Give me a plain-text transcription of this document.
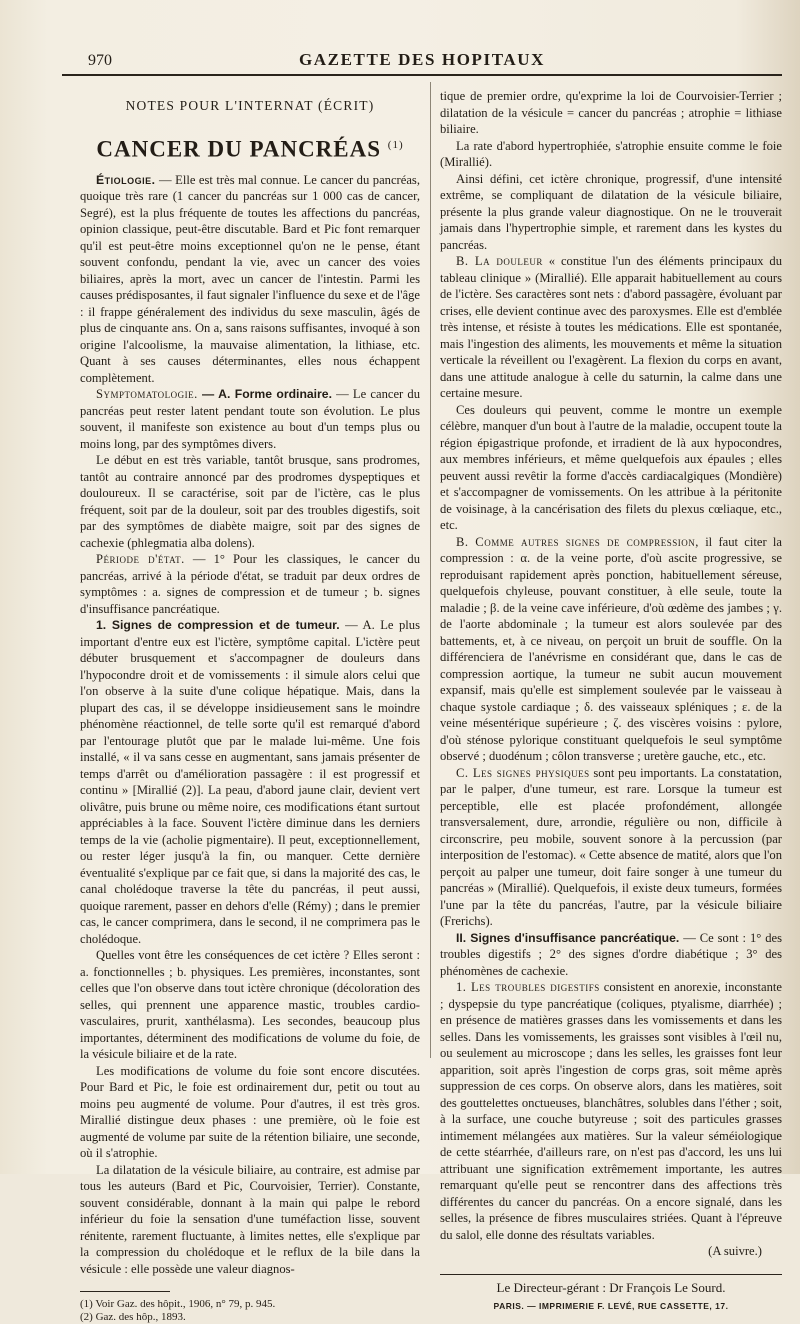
970	GAZETTE DES HOPITAUX
NOTES POUR L'INTERNAT (ÉCRIT)
CANCER DU PANCRÉAS $^{(1)}$

Étiologie. — Elle est très mal connue. Le cancer du pancréas, quoique très rare (1 cancer du pancréas sur 1 000 cas de cancer, Segré), est la plus fréquente de toutes les affections du pancréas, opinion classique, peut-être discutable. Bard et Pic font remarquer qu'il est peut-être moins exceptionnel qu'on ne le pense, étant souvent confondu, pendant la vie, avec un cancer des voies biliaires, après la mort, avec un cancer de l'intestin. Parmi les causes prédisposantes, il faut signaler l'influence du sexe et de l'âge : il frappe généralement des individus du sexe masculin, âgés de plus de cinquante ans. On a, sans raisons suffisantes, invoqué à son origine l'alcoolisme, la mauvaise alimentation, la lithiase, etc. Quant à ses causes déterminantes, elles nous échappent complètement.

Symptomatologie. — A. Forme ordinaire. — Le cancer du pancréas peut rester latent pendant toute son évolution. Le plus souvent, il manifeste son existence au bout d'un temps plus ou moins long, par des symptômes divers.

Le début en est très variable, tantôt brusque, sans prodromes, tantôt au contraire annoncé par des prodromes dyspeptiques et douloureux. Il se caractérise, soit par de l'ictère, cas le plus fréquent, soit par de la douleur, soit par des troubles digestifs, soit par des symptômes de diabète maigre, soit par des signes de cachexie (phlegmatia alba dolens).

Période d'état. — 1° Pour les classiques, le cancer du pancréas, arrivé à la période d'état, se traduit par deux ordres de symptômes : a. signes de compression et de tumeur ; b. signes d'insuffisance pancréatique.

1. Signes de compression et de tumeur. — A. Le plus important d'entre eux est l'ictère, symptôme capital. L'ictère peut débuter brusquement et s'accompagner de douleurs dans l'hypocondre droit et de vomissements : il simule alors celui que l'on observe à la suite d'une colique hépatique. Mais, dans la plupart des cas, il se développe insidieusement sans le moindre phénomène réactionnel, de telle sorte qu'il est remarqué d'abord par l'entourage plutôt que par le malade lui-même. Une fois installé, « il va sans cesse en augmentant, sans jamais présenter de temps d'arrêt ou d'amélioration passagère : il est progressif et continu » [Mirallié (2)]. La peau, d'abord jaune clair, devient vert olivâtre, puis brune ou même noire, ces modifications étant surtout appréciables à la face. Souvent l'ictère diminue dans les derniers temps de la vie (acholie pigmentaire). Il peut, exceptionnellement, ou rester léger jusqu'à la fin, ou manquer. Cette dernière éventualité s'explique par ce fait que, si dans la majorité des cas, le canal cholédoque traverse la tête du pancréas, il peut aussi, quoique rarement, passer en dehors d'elle (Rémy) ; dans le premier cas, le cancer comprimera, dans le second, il ne comprimera pas le cholédoque.

Quelles vont être les conséquences de cet ictère ? Elles seront : a. fonctionnelles ; b. physiques. Les premières, inconstantes, sont celles que l'on observe dans tout ictère chronique (décoloration des selles, qui prennent une apparence mastic, troubles cardio-vasculaires, prurit, xanthélasma). Les secondes, beaucoup plus importantes, déterminent des modifications de volume du foie, de la vésicule biliaire et de la rate.

Les modifications de volume du foie sont encore discutées. Pour Bard et Pic, le foie est ordinairement dur, petit ou tout au moins peu augmenté de volume. Pour d'autres, il est très gros. Mirallié distingue deux phases : une première, où le foie est augmenté de volume par suite de la rétention biliaire, une seconde, où il s'atrophie.

La dilatation de la vésicule biliaire, au contraire, est admise par tous les auteurs (Bard et Pic, Courvoisier, Terrier). Constante, souvent considérable, donnant à la main qui palpe le rebord inférieur du foie la sensation d'une tuméfaction lisse, souvent rénitente, rarement fluctuante, à limites nettes, elle s'explique par la compression du cholédoque et le reflux de la bile dans la vésicule : elle possède une valeur diagnos-

(1) Voir Gaz. des hôpit., 1906, n° 79, p. 945.

(2) Gaz. des hôp., 1893.

tique de premier ordre, qu'exprime la loi de Courvoisier-Terrier ; dilatation de la vésicule = cancer du pancréas ; atrophie = lithiase biliaire.

La rate d'abord hypertrophiée, s'atrophie ensuite comme le foie (Mirallié).

Ainsi défini, cet ictère chronique, progressif, d'une intensité extrême, se compliquant de dilatation de la vésicule biliaire, présente la plus grande valeur diagnostique. On ne le trouverait jamais dans l'hypertrophie simple, et rarement dans les kystes du pancréas.

B. La douleur « constitue l'un des éléments principaux du tableau clinique » (Mirallié). Elle apparait habituellement au cours de l'ictère. Ses caractères sont nets : d'abord passagère, évoluant par crises, elle devient continue avec des paroxysmes. Elle est d'emblée très intense, et résiste à toutes les médications. Elle est spontanée, mais l'ingestion des aliments, les mouvements et même la situation verticale la réveillent ou l'exagèrent. La flexion du corps en avant, dans une attitude analogue à celle du saturnin, la calme dans une certaine mesure.

Ces douleurs qui peuvent, comme le montre un exemple célèbre, manquer d'un bout à l'autre de la maladie, occupent toute la région épigastrique profonde, et irradient de là aux hypocondres, aux membres inférieurs, et même quelquefois aux épaules ; elles peuvent aussi revêtir la forme d'accès cardiacalgiques (Mondière) et s'accompagner de vomissements. On les attribue à la péritonite de voisinage, à la cancérisation des filets du plexus cœliaque, etc., etc.

B. Comme autres signes de compression, il faut citer la compression : α. de la veine porte, d'où ascite progressive, se reproduisant rapidement après ponction, habituellement séreuse, quelquefois chyleuse, pouvant constituer, à elle seule, toute la maladie ; β. de la veine cave inférieure, d'où œdème des jambes ; γ. de l'aorte abdominale ; la tumeur est alors soulevée par des battements, et, à ce niveau, on perçoit un bruit de souffle. On la différenciera de l'anévrisme en considérant que, dans le cas de compression aortique, la tumeur ne subit aucun mouvement expansif, mais qu'elle est simplement soulevée par le vaisseau à chaque systole cardiaque ; δ. des vaisseaux spléniques ; ε. de la veine mésentérique supérieure ; ζ. des viscères voisins : pylore, d'où sténose pylorique constituant quelquefois le seul symptôme observé ; duodénum ; côlon transverse ; uretère gauche, etc., etc.

C. Les signes physiques sont peu importants. La constatation, par le palper, d'une tumeur, est rare. Lorsque la tumeur est perceptible, elle est placée profondément, allongée transversalement, dure, arrondie, régulière ou non, difficile à circonscrire, peu mobile, souvent sonore à la percussion (par interposition de l'estomac). « Cette absence de matité, alors que l'on perçoit au palper une tumeur, doit faire songer à une tumeur du pancréas » (Mirallié). Quelquefois, il existe deux tumeurs, formées l'une par la tête du pancréas, l'autre, par la vésicule biliaire (Frerichs).

II. Signes d'insuffisance pancréatique. — Ce sont : 1° des troubles digestifs ; 2° des signes d'ordre diabétique ; 3° des phénomènes de cachexie.

1. Les troubles digestifs consistent en anorexie, inconstante ; dyspepsie du type pancréatique (coliques, ptyalisme, diarrhée) ; en présence de matières grasses dans les vomissements et dans les selles. Dans les vomissements, les graisses sont visibles à l'œil nu, ou seulement au microscope ; dans les selles, les graisses font leur apparition, soit après l'ingestion de corps gras, soit même après suppression de ces corps. On observe alors, dans les matières, soit des gouttelettes onctueuses, blanchâtres, solubles dans l'éther ; soit, à la surface, une couche butyreuse ; soit des particules grasses intimement mélangées aux matières. Sur la valeur séméiologique de cette stéarrhée, d'ailleurs rare, on n'est pas d'accord, les uns lui attribuant une signification extrêmement importante, les autres remarquant qu'elle peut se rencontrer dans des affections très différentes du cancer du pancréas. On a encore signalé, dans les selles, la présence de fibres musculaires striées. Quant à l'épreuve du salol, elle donne des résultats variables.

(A suivre.)

Le Directeur-gérant : Dr François Le Sourd.
PARIS. — IMPRIMERIE F. LEVÉ, RUE CASSETTE, 17.
